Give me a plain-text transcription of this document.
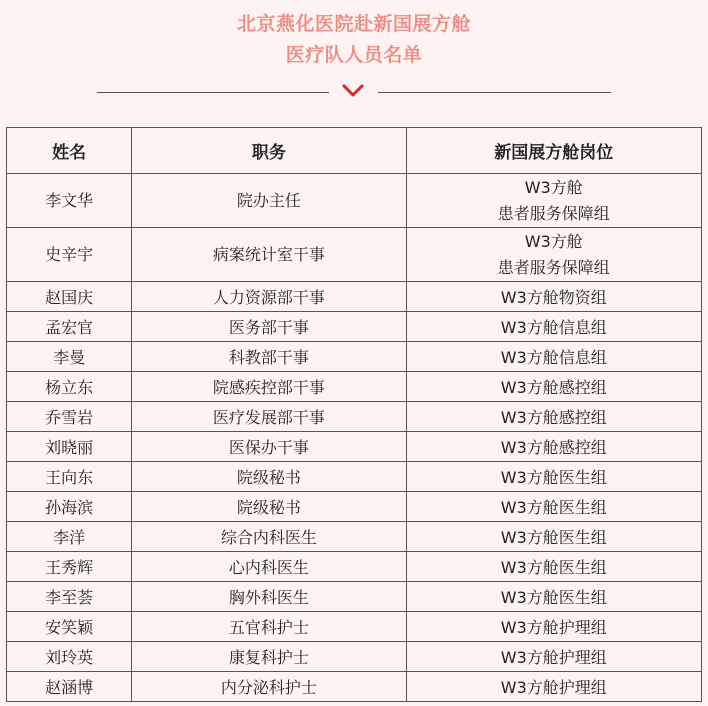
北京燕化医院赴新国展方舱
医疗队人员名单
姓名	职务	新国展方舱岗位
李文华	院办主任	W3方舱
患者服务保障组

史辛宇	病案统计室干事	W3方舱
患者服务保障组

赵国庆	人力资源部干事	W3方舱物资组
孟宏官	医务部干事	W3方舱信息组
李曼	科教部干事	W3方舱信息组
杨立东	院感疾控部干事	W3方舱感控组
乔雪岩	医疗发展部干事	W3方舱感控组
刘晓丽	医保办干事	W3方舱感控组
王向东	院级秘书	W3方舱医生组
孙海滨	院级秘书	W3方舱医生组
李洋	综合内科医生	W3方舱医生组
王秀辉	心内科医生	W3方舱医生组
李至荟	胸外科医生	W3方舱医生组
安笑颖	五官科护士	W3方舱护理组
刘玲英	康复科护士	W3方舱护理组
赵涵博	内分泌科护士	W3方舱护理组
